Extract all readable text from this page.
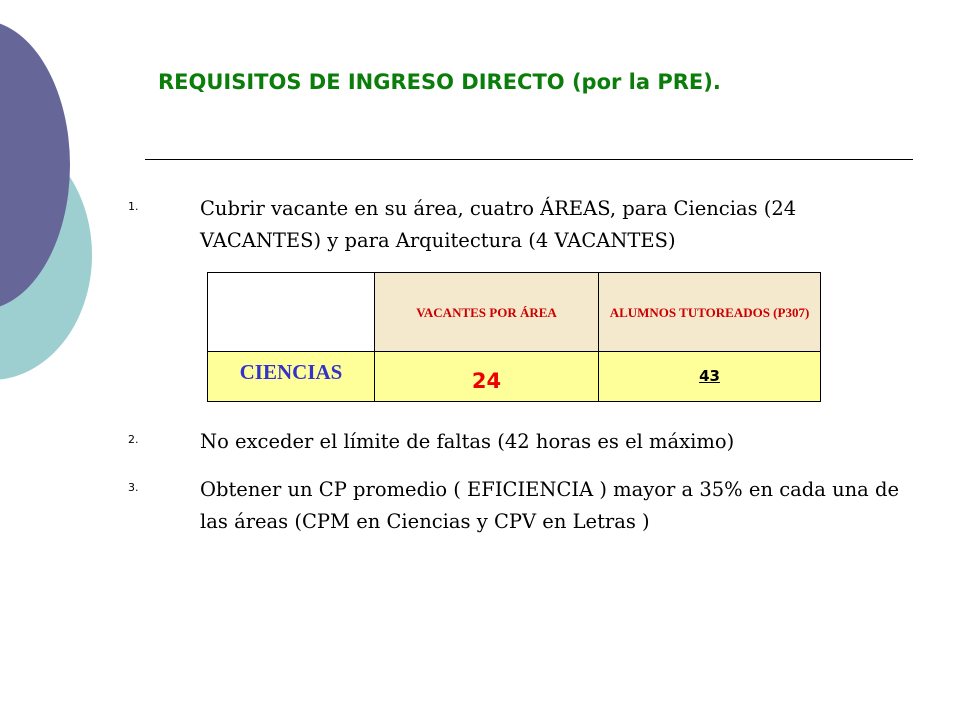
REQUISITOS DE INGRESO DIRECTO (por la PRE).
1.	Cubrir vacante en su área, cuatro ÁREAS, para Ciencias (24 VACANTES) y para Arquitectura (4 VACANTES)
	VACANTES POR ÁREA	ALUMNOS TUTOREADOS (P307)
CIENCIAS	24	43
2.	No exceder el límite de faltas (42 horas es el máximo)
3.	Obtener un CP promedio ( EFICIENCIA ) mayor a 35% en cada una de las áreas (CPM en Ciencias y CPV en Letras )
